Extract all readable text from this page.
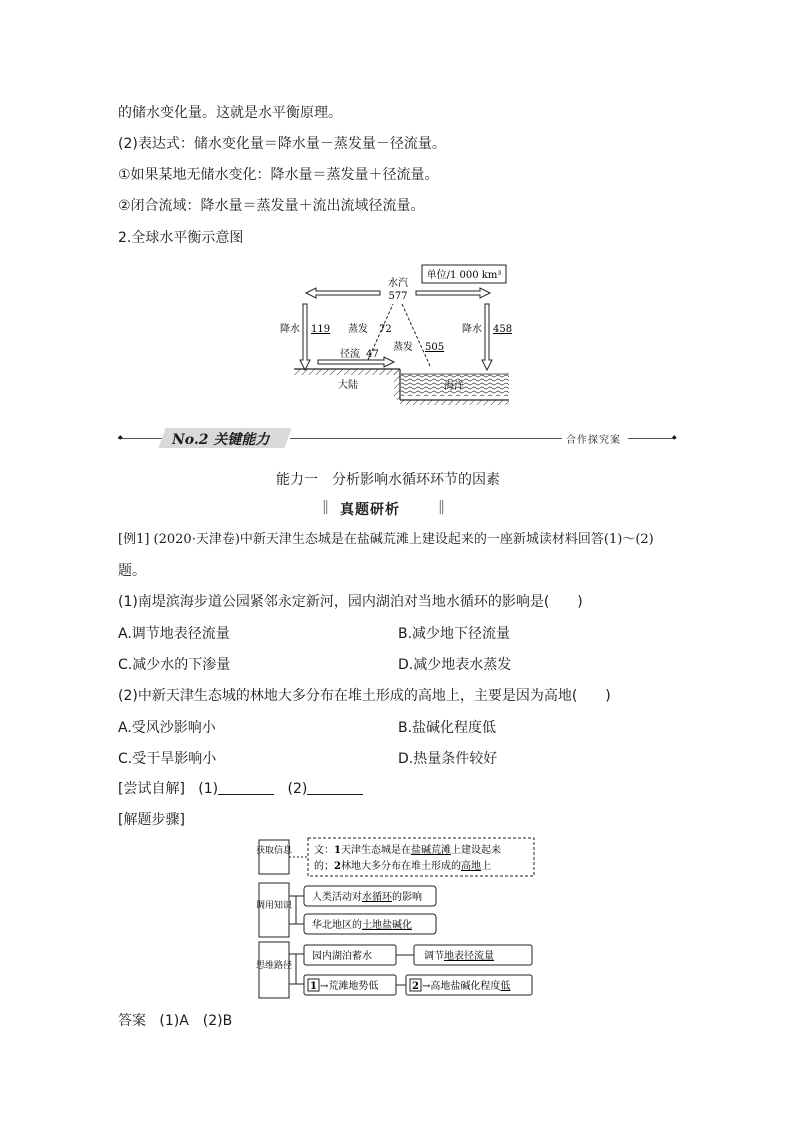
的储水变化量。这就是水平衡原理。
(2)表达式：储水变化量＝降水量－蒸发量－径流量。
①如果某地无储水变化：降水量＝蒸发量＋径流量。
②闭合流域：降水量＝蒸发量＋流出流域径流量。
2.全球水平衡示意图
单位/1 000 km³
水汽
577
降水 119	降水 458
蒸发 72
蒸发 505
径流 47
大陆	海洋
No.2 关键能力	合作探究案
◆	◆
能力一　分析影响水循环环节的因素
‖ 真题研析	‖
[例1] (2020·天津卷)中新天津生态城是在盐碱荒滩上建设起来的一座新城读材料回答(1)～(2)
题。
(1)南堤滨海步道公园紧邻永定新河，园内湖泊对当地水循环的影响是(　　)
A.调节地表径流量	B.减少地下径流量
C.减少水的下渗量	D.减少地表水蒸发
(2)中新天津生态城的林地大多分布在堆土形成的高地上，主要是因为高地(　　)
A.受风沙影响小	B.盐碱化程度低
C.受干旱影响小	D.热量条件较好
[尝试自解] (1)	(2)
[解题步骤]
获取信息 文：1天津生态城是在盐碱荒滩上建设起来
的；2林地大多分布在堆土形成的高地上
调用知识
人类活动对水循环的影响
华北地区的土地盐碱化
思维路径
园内湖泊蓄水	调节地表径流量
1 →荒滩地势低	2 →高地盐碱化程度低
答案 (1)A　(2)B
